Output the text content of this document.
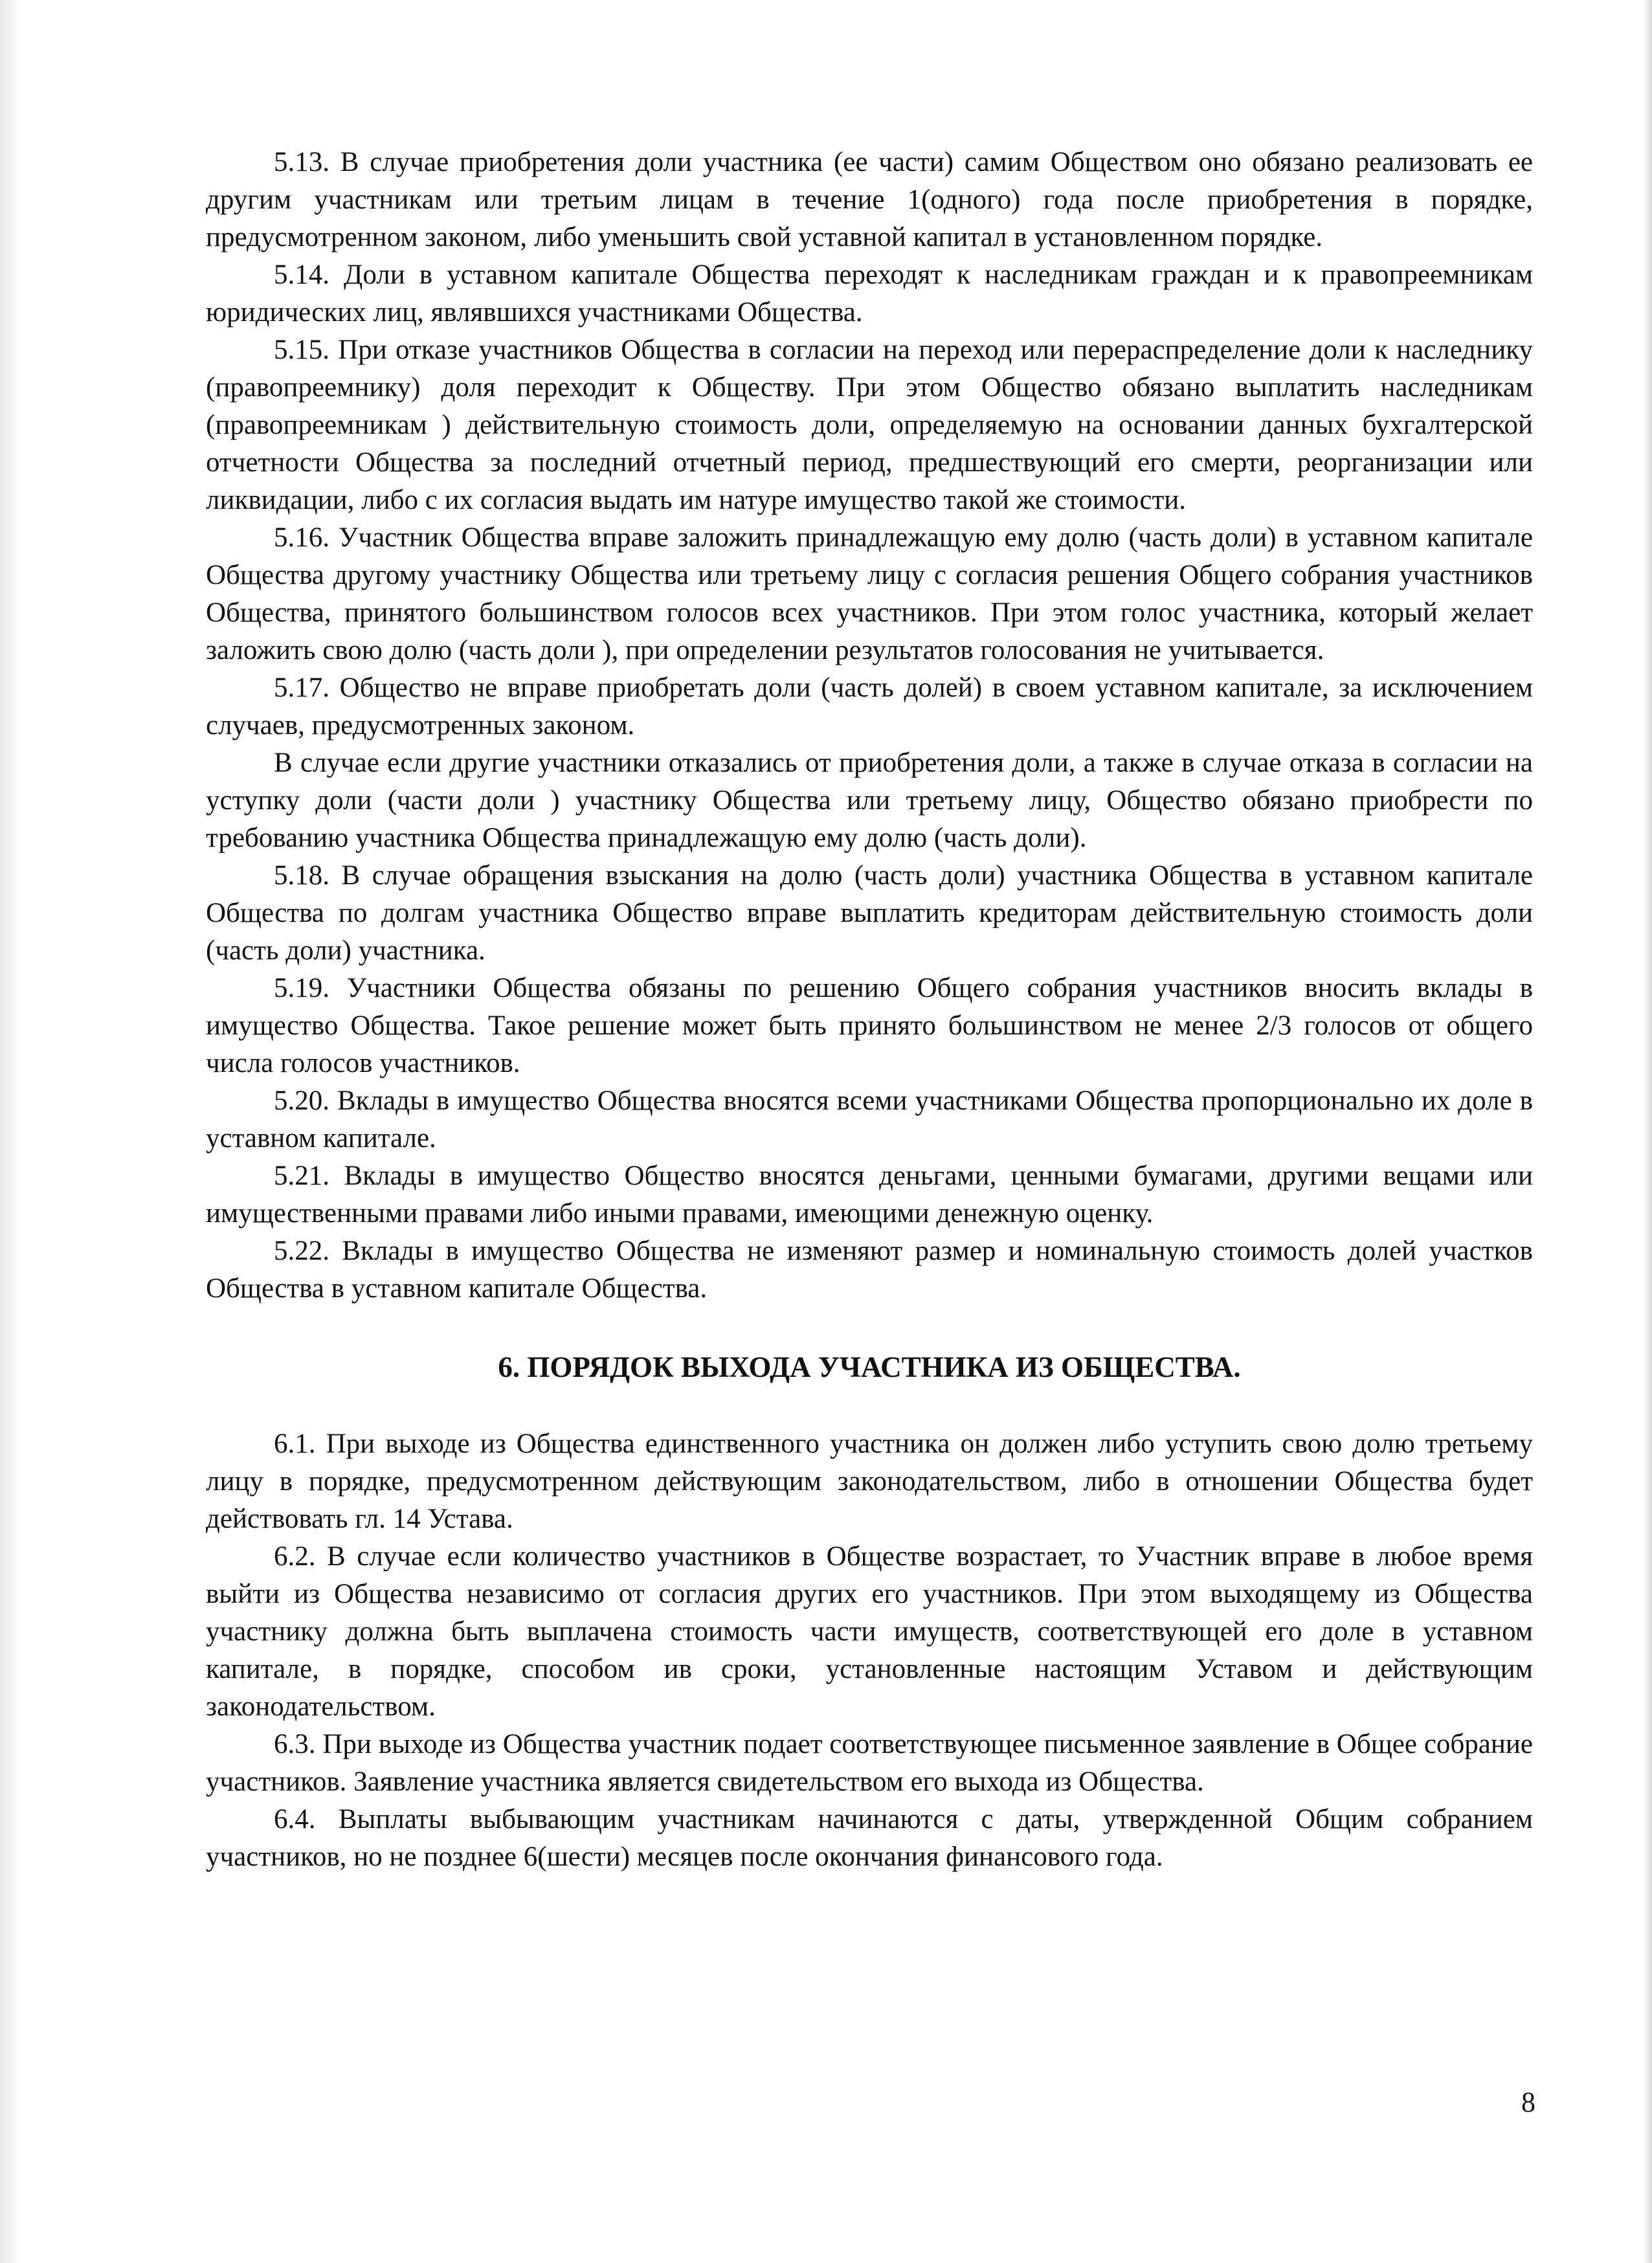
5.13. В случае приобретения доли участника (ее части) самим Обществом оно обязано реализовать ее другим участникам или третьим лицам в течение 1(одного) года после приобретения в порядке, предусмотренном законом, либо уменьшить свой уставной капитал в установленном порядке.

5.14. Доли в уставном капитале Общества переходят к наследникам граждан и к правопреемникам юридических лиц, являвшихся участниками Общества.

5.15. При отказе участников Общества в согласии на переход или перераспределение доли к наследнику (правопреемнику) доля переходит к Обществу. При этом Общество обязано выплатить наследникам (правопреемникам ) действительную стоимость доли, определяемую на основании данных бухгалтерской отчетности Общества за последний отчетный период, предшествующий его смерти, реорганизации или ликвидации, либо с их согласия выдать им натуре имущество такой же стоимости.

5.16. Участник Общества вправе заложить принадлежащую ему долю (часть доли) в уставном капитале Общества другому участнику Общества или третьему лицу с согласия решения Общего собрания участников Общества, принятого большинством голосов всех участников. При этом голос участника, который желает заложить свою долю (часть доли ), при определении результатов голосования не учитывается.

5.17. Общество не вправе приобретать доли (часть долей) в своем уставном капитале, за исключением случаев, предусмотренных законом.

В случае если другие участники отказались от приобретения доли, а также в случае отказа в согласии на уступку доли (части доли ) участнику Общества или третьему лицу, Общество обязано приобрести по требованию участника Общества принадлежащую ему долю (часть доли).

5.18. В случае обращения взыскания на долю (часть доли) участника Общества в уставном капитале Общества по долгам участника Общество вправе выплатить кредиторам действительную стоимость доли (часть доли) участника.

5.19. Участники Общества обязаны по решению Общего собрания участников вносить вклады в имущество Общества. Такое решение может быть принято большинством не менее 2/3 голосов от общего числа голосов участников.

5.20. Вклады в имущество Общества вносятся всеми участниками Общества пропорционально их доле в уставном капитале.

5.21. Вклады в имущество Общество вносятся деньгами, ценными бумагами, другими вещами или имущественными правами либо иными правами, имеющими денежную оценку.

5.22. Вклады в имущество Общества не изменяют размер и номинальную стоимость долей участков Общества в уставном капитале Общества.

6. ПОРЯДОК ВЫХОДА УЧАСТНИКА ИЗ ОБЩЕСТВА.

6.1. При выходе из Общества единственного участника он должен либо уступить свою долю третьему лицу в порядке, предусмотренном действующим законодательством, либо в отношении Общества будет действовать гл. 14 Устава.

6.2. В случае если количество участников в Обществе возрастает, то Участник вправе в любое время выйти из Общества независимо от согласия других его участников. При этом выходящему из Общества участнику должна быть выплачена стоимость части имуществ, соответствующей его доле в уставном капитале, в порядке, способом ив сроки, установленные настоящим Уставом и действующим законодательством.

6.3. При выходе из Общества участник подает соответствующее письменное заявление в Общее собрание участников. Заявление участника является свидетельством его выхода из Общества.

6.4. Выплаты выбывающим участникам начинаются с даты, утвержденной Общим собранием участников, но не позднее 6(шести) месяцев после окончания финансового года.

8
